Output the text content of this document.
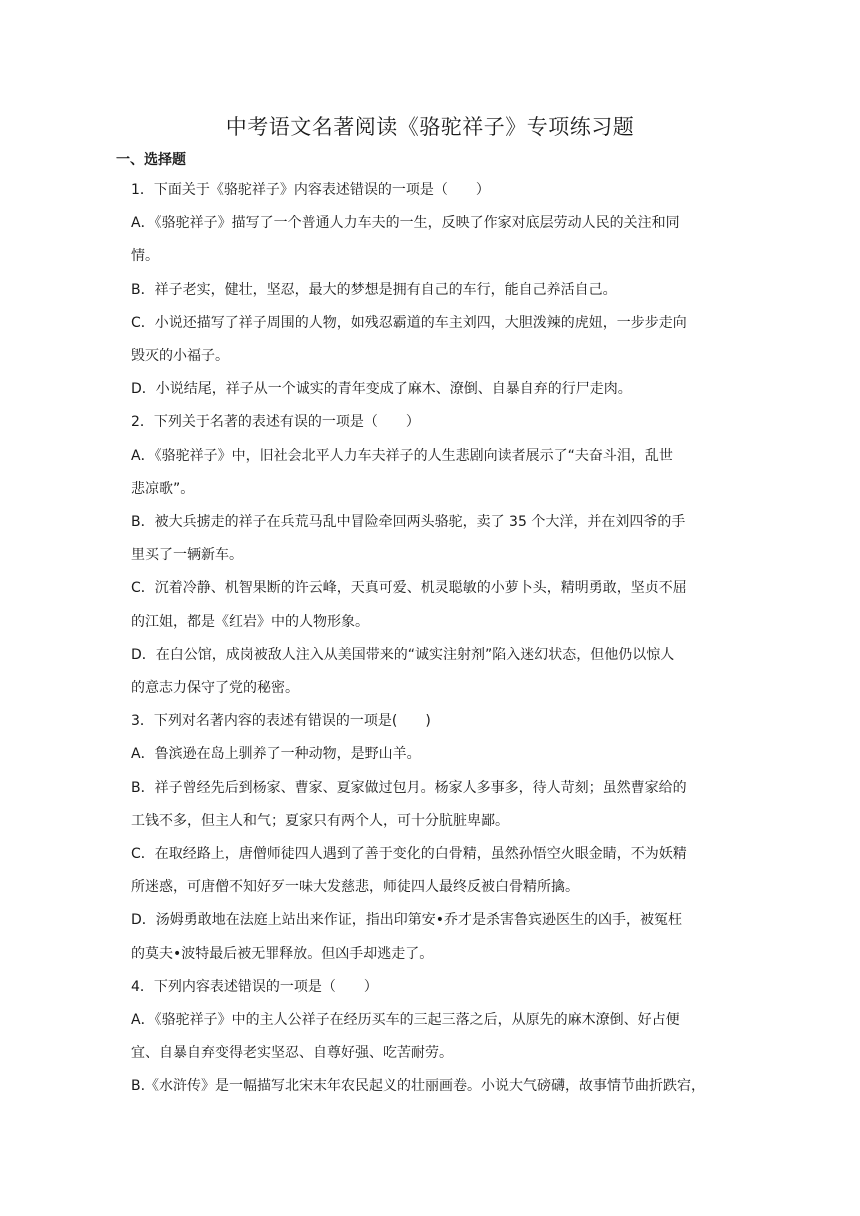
中考语文名著阅读《骆驼祥子》专项练习题
一、选择题
1．下面关于《骆驼祥子》内容表述错误的一项是（　　）
A．《骆驼祥子》描写了一个普通人力车夫的一生，反映了作家对底层劳动人民的关注和同
情。
B．祥子老实，健壮，坚忍，最大的梦想是拥有自己的车行，能自己养活自己。
C．小说还描写了祥子周围的人物，如残忍霸道的车主刘四，大胆泼辣的虎妞，一步步走向
毁灭的小福子。
D．小说结尾，祥子从一个诚实的青年变成了麻木、潦倒、自暴自弃的行尸走肉。
2．下列关于名著的表述有误的一项是（　　）
A．《骆驼祥子》中，旧社会北平人力车夫祥子的人生悲剧向读者展示了“夫奋斗泪，乱世
悲凉歌”。
B．被大兵掳走的祥子在兵荒马乱中冒险牵回两头骆驼，卖了 35 个大洋，并在刘四爷的手
里买了一辆新车。
C．沉着冷静、机智果断的许云峰，天真可爱、机灵聪敏的小萝卜头，精明勇敢，坚贞不屈
的江姐，都是《红岩》中的人物形象。
D．在白公馆，成岗被敌人注入从美国带来的“诚实注射剂”陷入迷幻状态，但他仍以惊人
的意志力保守了党的秘密。
3．下列对名著内容的表述有错误的一项是(　　)
A．鲁滨逊在岛上驯养了一种动物，是野山羊。
B．祥子曾经先后到杨家、曹家、夏家做过包月。杨家人多事多，待人苛刻；虽然曹家给的
工钱不多，但主人和气；夏家只有两个人，可十分肮脏卑鄙。
C．在取经路上，唐僧师徒四人遇到了善于变化的白骨精，虽然孙悟空火眼金睛，不为妖精
所迷惑，可唐僧不知好歹一味大发慈悲，师徒四人最终反被白骨精所擒。
D．汤姆勇敢地在法庭上站出来作证，指出印第安•乔才是杀害鲁宾逊医生的凶手，被冤枉
的莫夫•波特最后被无罪释放。但凶手却逃走了。
4．下列内容表述错误的一项是（　　）
A．《骆驼祥子》中的主人公祥子在经历买车的三起三落之后，从原先的麻木潦倒、好占便
宜、自暴自弃变得老实坚忍、自尊好强、吃苦耐劳。
B.《水浒传》是一幅描写北宋末年农民起义的壮丽画卷。小说大气磅礴，故事情节曲折跌宕，
